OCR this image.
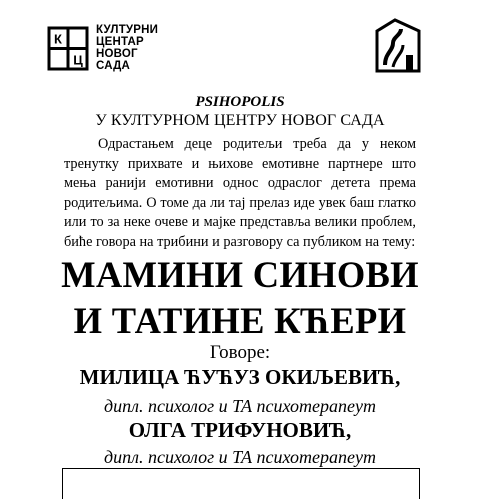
К
Ц
КУЛТУРНИ
ЦЕНТАР
НОВОГ
САДА
PSIHOPOLIS
У КУЛТУРНОМ ЦЕНТРУ НОВОГ САДА
Одрастањем деце родитељи треба да у неком тренутку прихвате и њихове емотивне партнере што мења ранији емотивни однос одраслог детета према родитељима. О томе да ли тај прелаз иде увек баш глатко или то за неке очеве и мајке представља велики проблем, биће говора на трибини и разговору са публиком на тему:
МАМИНИ СИНОВИ
И ТАТИНЕ КЋЕРИ
Говоре:
МИЛИЦА ЋУЋУЗ ОКИЉЕВИЋ,
дипл. психолог и ТА психотерапеут
ОЛГА ТРИФУНОВИЋ,
дипл. психолог и ТА психотерапеут
